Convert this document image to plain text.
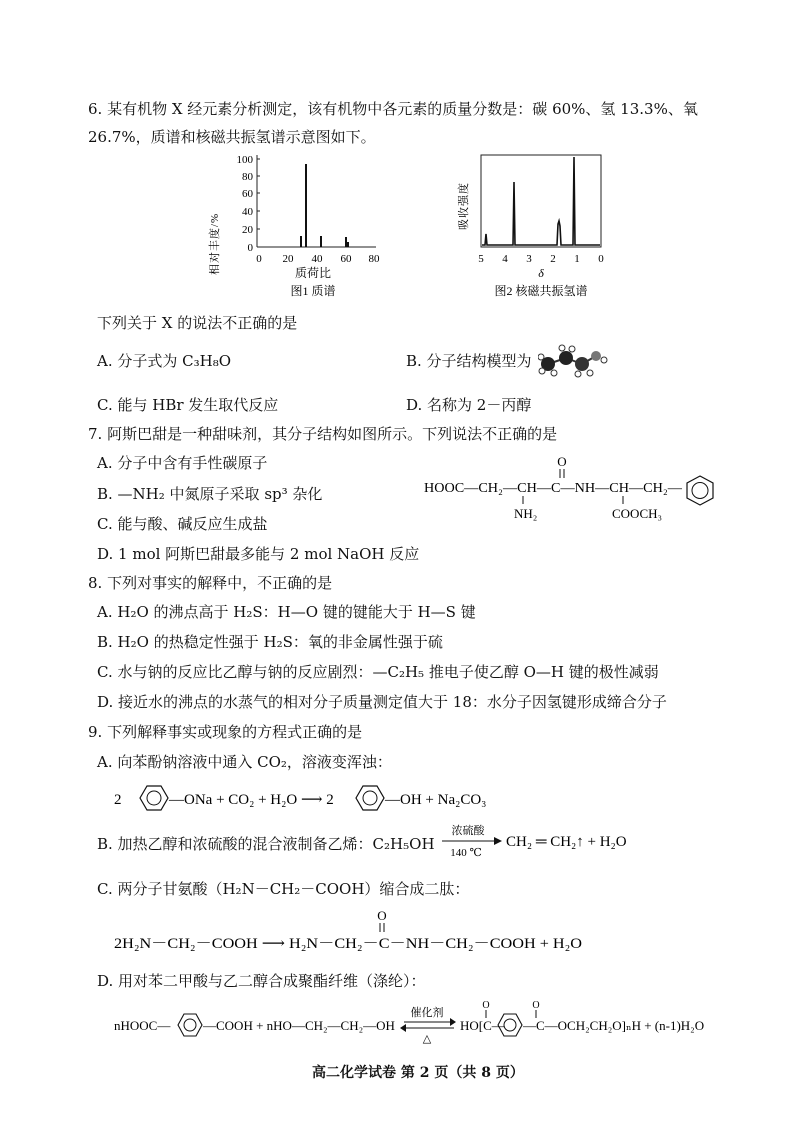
6. 某有机物 X 经元素分析测定，该有机物中各元素的质量分数是：碳 60%、氢 13.3%、氧
26.7%，质谱和核磁共振氢谱示意图如下。
相对丰度/% 0
20
40
60
80
100
0 20 40 60 80
质荷比
图1 质谱
吸收强度
5 4 3 2 1 0
δ
图2 核磁共振氢谱
下列关于 X 的说法不正确的是
A. 分子式为 C₃H₈O	B. 分子结构模型为
C. 能与 HBr 发生取代反应	D. 名称为 2－丙醇
7. 阿斯巴甜是一种甜味剂，其分子结构如图所示。下列说法不正确的是
A. 分子中含有手性碳原子
B. —NH₂ 中氮原子采取 sp³ 杂化
C. 能与酸、碱反应生成盐
D. 1 mol 阿斯巴甜最多能与 2 mol NaOH 反应
O
HOOC—CH₂—CH—C—NH—CH—CH₂—
NH₂	COOCH₃
8. 下列对事实的解释中，不正确的是
A. H₂O 的沸点高于 H₂S：H—O 键的键能大于 H—S 键
B. H₂O 的热稳定性强于 H₂S：氧的非金属性强于硫
C. 水与钠的反应比乙醇与钠的反应剧烈：—C₂H₅ 推电子使乙醇 O—H 键的极性减弱
D. 接近水的沸点的水蒸气的相对分子质量测定值大于 18：水分子因氢键形成缔合分子
9. 下列解释事实或现象的方程式正确的是
A. 向苯酚钠溶液中通入 CO₂，溶液变浑浊：
2	—ONa + CO₂ + H₂O ⟶ 2	—OH + Na₂CO₃
B. 加热乙醇和浓硫酸的混合液制备乙烯：C₂H₅OH
浓硫酸
140 ℃
CH₂ ═ CH₂↑ + H₂O
C. 两分子甘氨酸（H₂N－CH₂－COOH）缩合成二肽：
O
2H₂N－CH₂－COOH ⟶ H₂N－CH₂－C－NH－CH₂－COOH + H₂O
D. 用对苯二甲酸与乙二醇合成聚酯纤维（涤纶）：
nHOOC—	—COOH + nHO—CH₂—CH₂—OH
催化剂
△
O
HO[C—
O
—C—OCH₂CH₂O]ₙH + (n-1)H₂O
高二化学试卷 第 2 页（共 8 页）
